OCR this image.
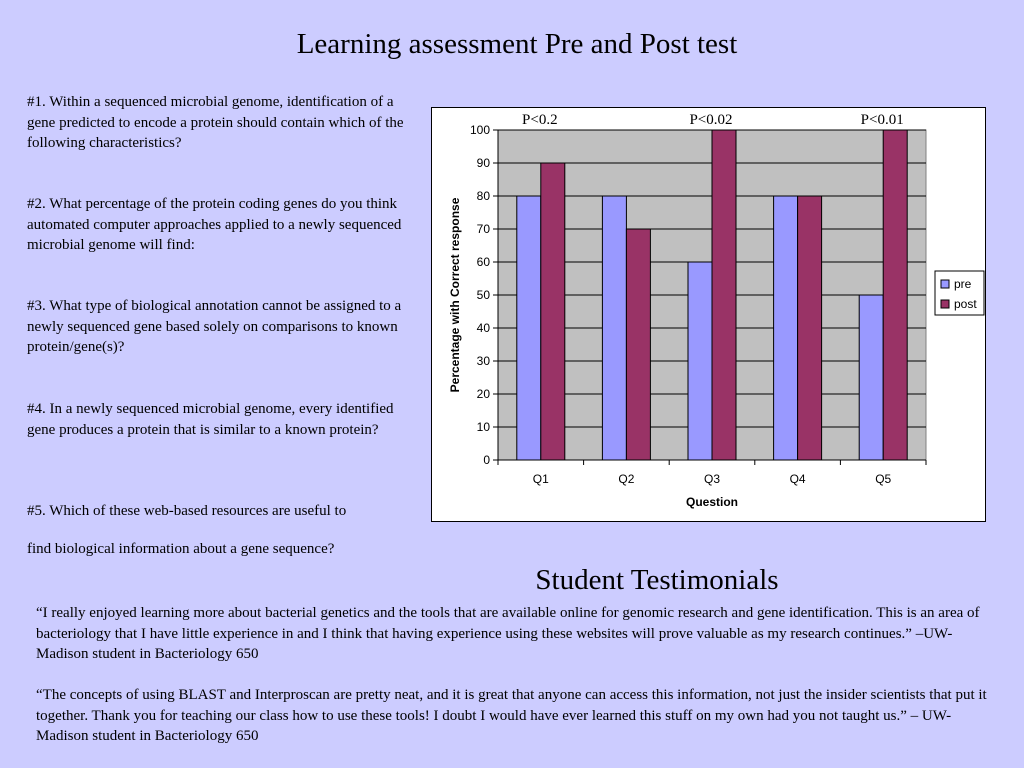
Learning assessment Pre and Post test

#1. Within a sequenced microbial genome, identification of a gene predicted to encode a protein should contain which of the following characteristics?

#2. What percentage of the protein coding genes do you think automated computer approaches applied to a newly sequenced microbial genome will find:

#3. What type of biological annotation cannot be assigned to a newly sequenced gene based solely on comparisons to known protein/gene(s)?

#4. In a newly sequenced microbial genome, every identified gene produces a protein that is similar to a known protein?

#5. Which of these web-based resources are useful to

find biological information about a gene sequence?

0
10
20
30
40
50
60
70
80
90
100
Q1	Q2	Q3	Q4	Q5
Question
Percentage with Correct response	pre
post
P<0.2	P<0.02	P<0.01
Student Testimonials

“I really enjoyed learning more about bacterial genetics and the tools that are available online for genomic research and gene identification. This is an area of bacteriology that I have little experience in and I think that having experience using these websites will prove valuable as my research continues.” –UW-Madison student in Bacteriology 650

“The concepts of using BLAST and Interproscan are pretty neat, and it is great that anyone can access this information, not just the insider scientists that put it together. Thank you for teaching our class how to use these tools! I doubt I would have ever learned this stuff on my own had you not taught us.” – UW-Madison student in Bacteriology 650
